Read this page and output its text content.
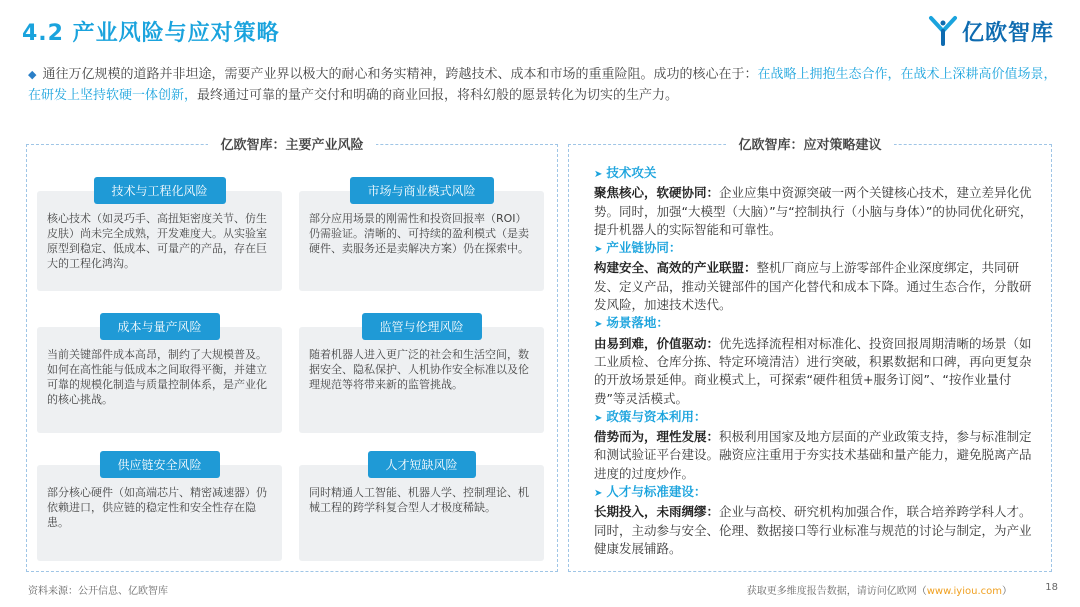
4.2 产业风险与应对策略	亿欧智库
◆ 通往万亿规模的道路并非坦途，需要产业界以极大的耐心和务实精神，跨越技术、成本和市场的重重险阻。成功的核心在于：在战略上拥抱生态合作，在战术上深耕高价值场景，在研发上坚持软硬一体创新，最终通过可靠的量产交付和明确的商业回报，将科幻般的愿景转化为切实的生产力。
亿欧智库：主要产业风险
技术与工程化风险
核心技术（如灵巧手、高扭矩密度关节、仿生皮肤）尚未完全成熟，开发难度大。从实验室原型到稳定、低成本、可量产的产品，存在巨大的工程化鸿沟。
市场与商业模式风险
部分应用场景的刚需性和投资回报率（ROI）仍需验证。清晰的、可持续的盈利模式（是卖硬件、卖服务还是卖解决方案）仍在探索中。
成本与量产风险
当前关键部件成本高昂，制约了大规模普及。如何在高性能与低成本之间取得平衡，并建立可靠的规模化制造与质量控制体系，是产业化的核心挑战。
监管与伦理风险
随着机器人进入更广泛的社会和生活空间，数据安全、隐私保护、人机协作安全标准以及伦理规范等将带来新的监管挑战。
供应链安全风险
部分核心硬件（如高端芯片、精密减速器）仍依赖进口，供应链的稳定性和安全性存在隐患。
人才短缺风险
同时精通人工智能、机器人学、控制理论、机械工程的跨学科复合型人才极度稀缺。
亿欧智库：应对策略建议
➤ 技术攻关
聚焦核心，软硬协同：企业应集中资源突破一两个关键核心技术，建立差异化优势。同时，加强“大模型（大脑）”与“控制执行（小脑与身体）”的协同优化研究，提升机器人的实际智能和可靠性。
➤ 产业链协同：
构建安全、高效的产业联盟：整机厂商应与上游零部件企业深度绑定，共同研发、定义产品，推动关键部件的国产化替代和成本下降。通过生态合作，分散研发风险，加速技术迭代。
➤ 场景落地：
由易到难，价值驱动：优先选择流程相对标准化、投资回报周期清晰的场景（如工业质检、仓库分拣、特定环境清洁）进行突破，积累数据和口碑，再向更复杂的开放场景延伸。商业模式上，可探索“硬件租赁+服务订阅”、“按作业量付费”等灵活模式。
➤ 政策与资本利用：
借势而为，理性发展：积极利用国家及地方层面的产业政策支持，参与标准制定和测试验证平台建设。融资应注重用于夯实技术基础和量产能力，避免脱离产品进度的过度炒作。
➤ 人才与标准建设：
长期投入，未雨绸缪：企业与高校、研究机构加强合作，联合培养跨学科人才。同时，主动参与安全、伦理、数据接口等行业标准与规范的讨论与制定，为产业健康发展铺路。
资料来源：公开信息、亿欧智库	获取更多维度报告数据，请访问亿欧网（www.iyiou.com）	18
